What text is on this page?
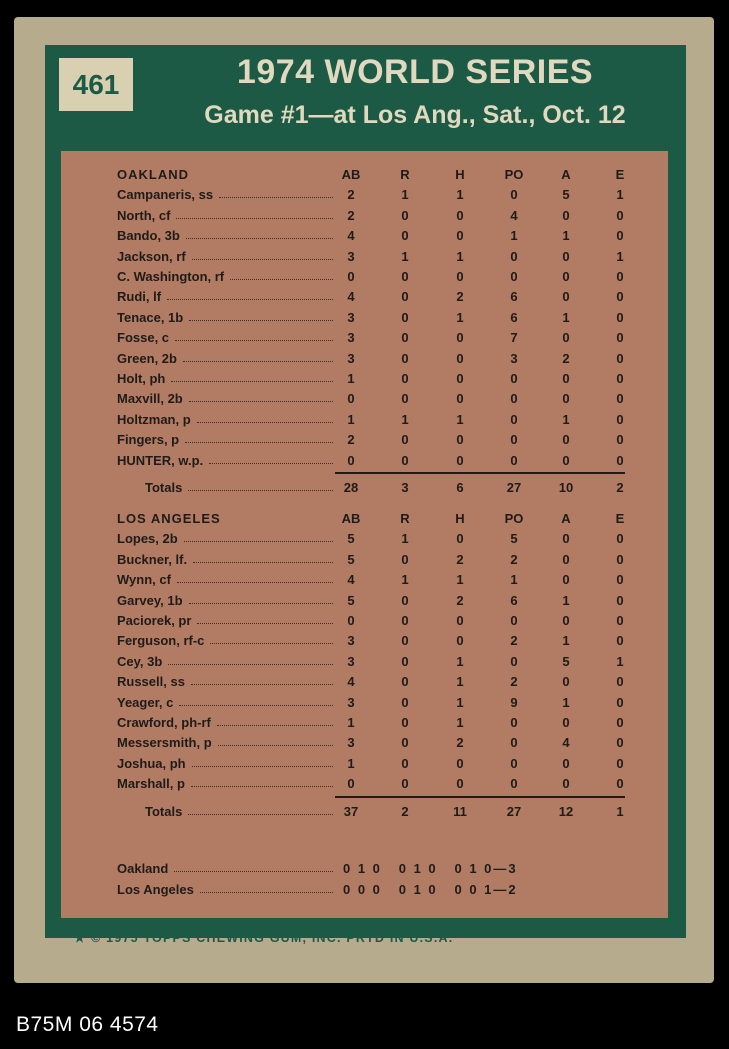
461	1974 WORLD SERIES
Game #1—at Los Ang., Sat., Oct. 12
OAKLAND	AB	R	H	PO	A	E
Campaneris, ss	2	1	1	0	5	1
North, cf	2	0	0	4	0	0
Bando, 3b	4	0	0	1	1	0
Jackson, rf	3	1	1	0	0	1
C. Washington, rf	0	0	0	0	0	0
Rudi, lf	4	0	2	6	0	0
Tenace, 1b	3	0	1	6	1	0
Fosse, c	3	0	0	7	0	0
Green, 2b	3	0	0	3	2	0
Holt, ph	1	0	0	0	0	0
Maxvill, 2b	0	0	0	0	0	0
Holtzman, p	1	1	1	0	1	0
Fingers, p	2	0	0	0	0	0
HUNTER, w.p.	0	0	0	0	0	0
Totals	28	3	6	27	10	2
LOS ANGELES	AB	R	H	PO	A	E
Lopes, 2b	5	1	0	5	0	0
Buckner, lf.	5	0	2	2	0	0
Wynn, cf	4	1	1	1	0	0
Garvey, 1b	5	0	2	6	1	0
Paciorek, pr	0	0	0	0	0	0
Ferguson, rf-c	3	0	0	2	1	0
Cey, 3b	3	0	1	0	5	1
Russell, ss	4	0	1	2	0	0
Yeager, c	3	0	1	9	1	0
Crawford, ph-rf	1	0	1	0	0	0
Messersmith, p	3	0	2	0	4	0
Joshua, ph	1	0	0	0	0	0
Marshall, p	0	0	0	0	0	0
Totals	37	2	11	27	12	1
Oakland	0 1 0   0 1 0   0 1 0—3
Los Angeles	0 0 0   0 1 0   0 0 1—2
★ © 1975 TOPPS CHEWING GUM, INC. PRTD IN U.S.A.
B75M 06 4574
